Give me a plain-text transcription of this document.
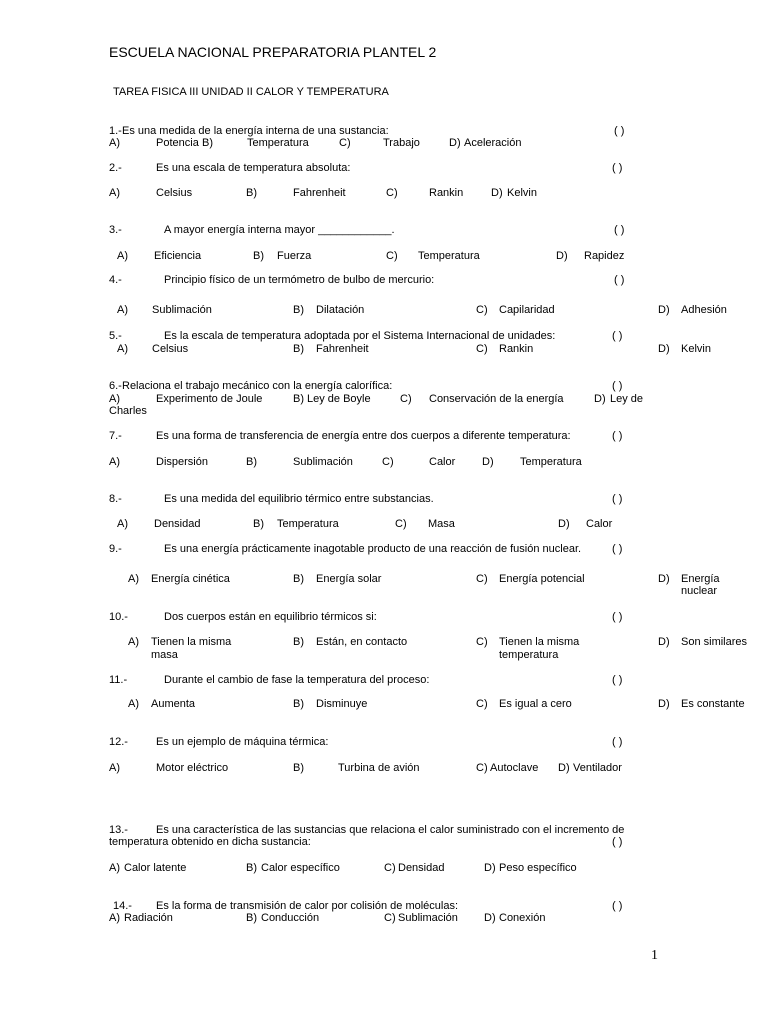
ESCUELA NACIONAL PREPARATORIA PLANTEL 2
TAREA FISICA III UNIDAD II CALOR Y TEMPERATURA
1.- Es una medida de la energía interna de una sustancia:	( )
A)	Potencia B)	Temperatura	C)	Trabajo	D) Aceleración
2.-	Es una escala de temperatura absoluta:	( )
A)	Celsius	B)	Fahrenheit	C)	Rankin	D) Kelvin
3.-	A mayor energía interna mayor ____________.	( )
A) Eficiencia	B) Fuerza	C) Temperatura	D) Rapidez
4.-	Principio físico de un termómetro de bulbo de mercurio:	( )
A) Sublimación	B) Dilatación	C) Capilaridad	D) Adhesión
5.-	Es la escala de temperatura adoptada por el Sistema Internacional de unidades:	( )
A) Celsius	B) Fahrenheit	C) Rankin	D) Kelvin
6.- Relaciona el trabajo mecánico con la energía calorífica:	( )
A)	Experimento de Joule	B) Ley de Boyle	C) Conservación de la energía	D) Ley de
Charles
7.-	Es una forma de transferencia de energía entre dos cuerpos a diferente temperatura:	( )
A)	Dispersión	B)	Sublimación	C)	Calor D) Temperatura
8.-	Es una medida del equilibrio térmico entre substancias.	( )
A) Densidad	B) Temperatura	C) Masa	D) Calor
9.-	Es una energía prácticamente inagotable producto de una reacción de fusión nuclear.	( )
A) Energía cinética	B) Energía solar	C) Energía potencial	D) Energía
nuclear
10.-	Dos cuerpos están en equilibrio térmicos si:	( )
A) Tienen la misma
masa
B) Están, en contacto	C) Tienen la misma
temperatura
D) Son similares
11.-	Durante el cambio de fase la temperatura del proceso:	( )
A) Aumenta	B) Disminuye	C) Es igual a cero	D) Es constante
12.-	Es un ejemplo de máquina térmica:	( )
A)	Motor eléctrico	B)	Turbina de avión	C) Autoclave D) Ventilador
13.-	Es una característica de las sustancias que relaciona el calor suministrado con el incremento de
temperatura obtenido en dicha sustancia:	( )
A) Calor latente	B) Calor específico	C) Densidad	D) Peso específico
14.- Es la forma de transmisión de calor por colisión de moléculas:	( )
A) Radiación	B) Conducción	C) Sublimación D) Conexión
1
